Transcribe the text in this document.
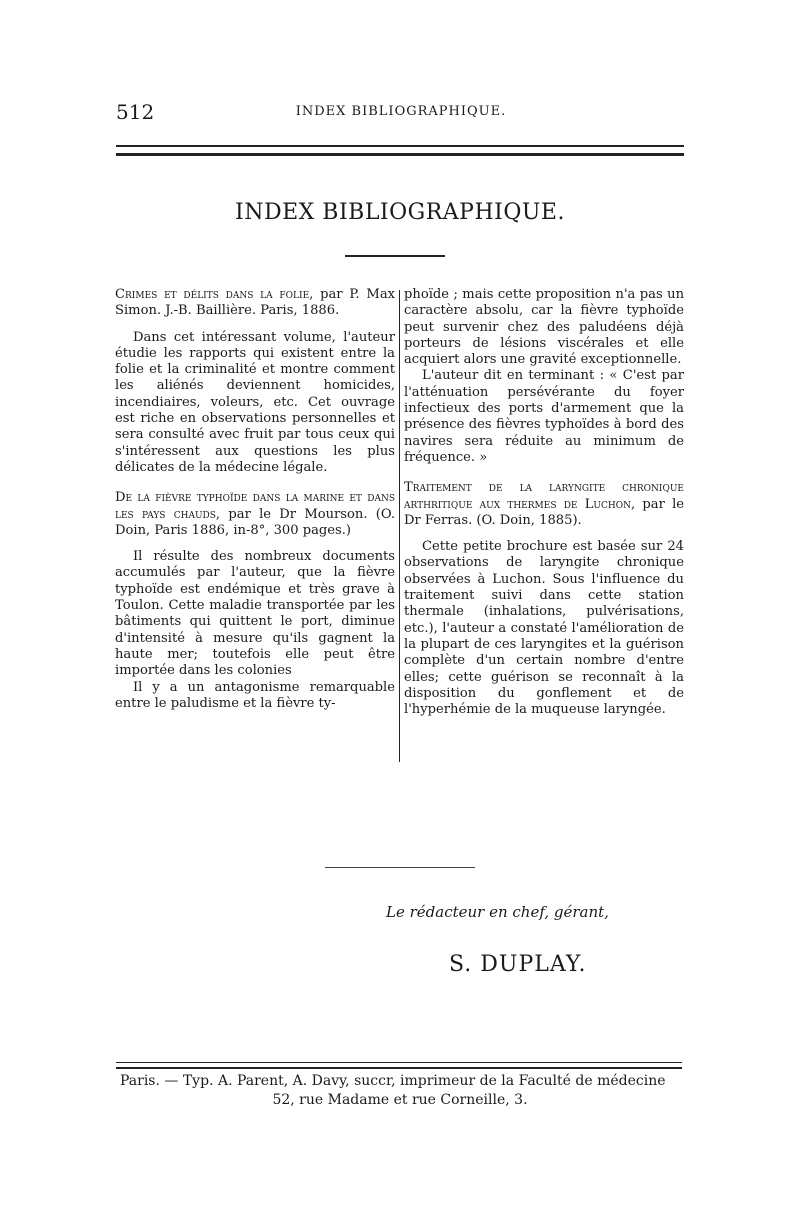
512	INDEX BIBLIOGRAPHIQUE.
INDEX BIBLIOGRAPHIQUE.

Crimes et délits dans la folie, par P. Max Simon. J.-B. Baillière. Paris, 1886.

Dans cet intéressant volume, l'auteur étudie les rapports qui existent entre la folie et la criminalité et montre comment les aliénés deviennent homicides, incendiaires, voleurs, etc. Cet ouvrage est riche en observations personnelles et sera consulté avec fruit par tous ceux qui s'intéressent aux questions les plus délicates de la médecine légale.

De la fièvre typhoïde dans la marine et dans les pays chauds, par le Dr Mourson. (O. Doin, Paris 1886, in-8°, 300 pages.)

Il résulte des nombreux documents accumulés par l'auteur, que la fièvre typhoïde est endémique et très grave à Toulon. Cette maladie transportée par les bâtiments qui quittent le port, diminue d'intensité à mesure qu'ils gagnent la haute mer; toutefois elle peut être importée dans les colonies

Il y a un antagonisme remarquable entre le paludisme et la fièvre ty-

phoïde ; mais cette proposition n'a pas un caractère absolu, car la fièvre typhoïde peut survenir chez des paludéens déjà porteurs de lésions viscérales et elle acquiert alors une gravité exceptionnelle.

L'auteur dit en terminant : « C'est par l'atténuation persévérante du foyer infectieux des ports d'armement que la présence des fièvres typhoïdes à bord des navires sera réduite au minimum de fréquence. »

Traitement de la laryngite chronique arthritique aux thermes de Luchon, par le Dr Ferras. (O. Doin, 1885).

Cette petite brochure est basée sur 24 observations de laryngite chronique observées à Luchon. Sous l'influence du traitement suivi dans cette station thermale (inhalations, pulvérisations, etc.), l'auteur a constaté l'amélioration de la plupart de ces laryngites et la guérison complète d'un certain nombre d'entre elles; cette guérison se reconnaît à la disposition du gonflement et de l'hyperhémie de la muqueuse laryngée.

Le rédacteur en chef, gérant,
S. DUPLAY.
Paris. — Typ. A. Parent, A. Davy, succr, imprimeur de la Faculté de médecine
52, rue Madame et rue Corneille, 3.
